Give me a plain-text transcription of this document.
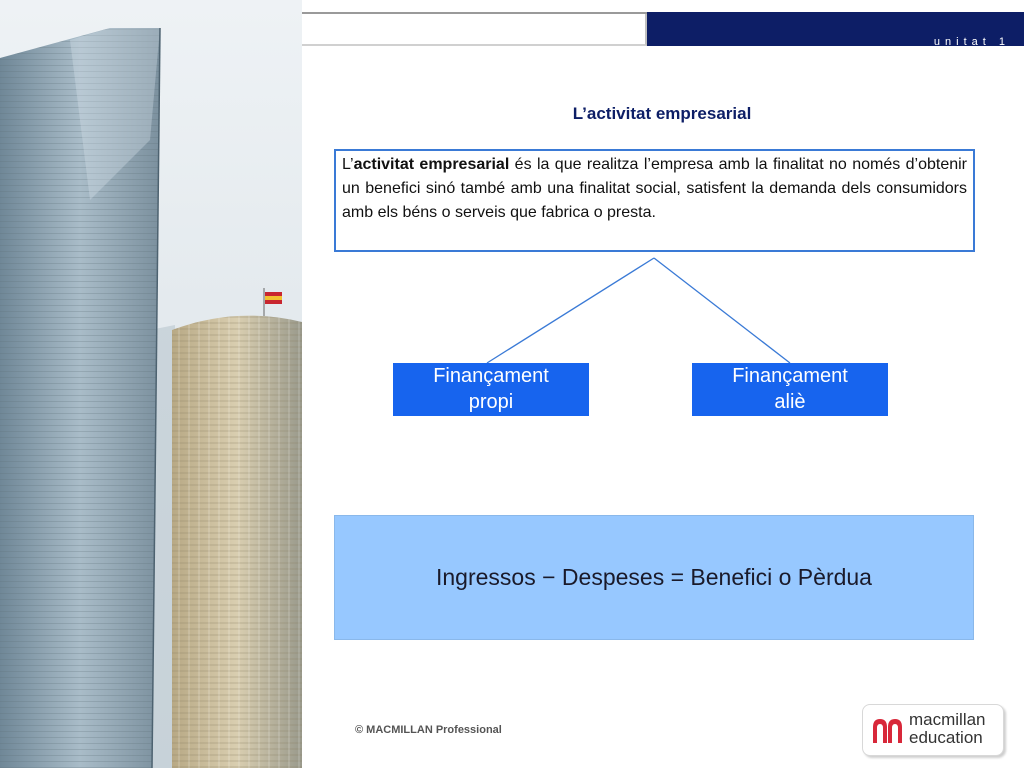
unitat 1
L’activitat empresarial
L’activitat empresarial és la que realitza l’empresa amb la finalitat no només d’obtenir un benefici sinó també amb una finalitat social, satisfent la demanda dels consumidors amb els béns o serveis que fabrica o presta.
Finançament
propi
Finançament
aliè
Ingressos − Despeses = Benefici o Pèrdua
© MACMILLAN Professional
macmillan
education
